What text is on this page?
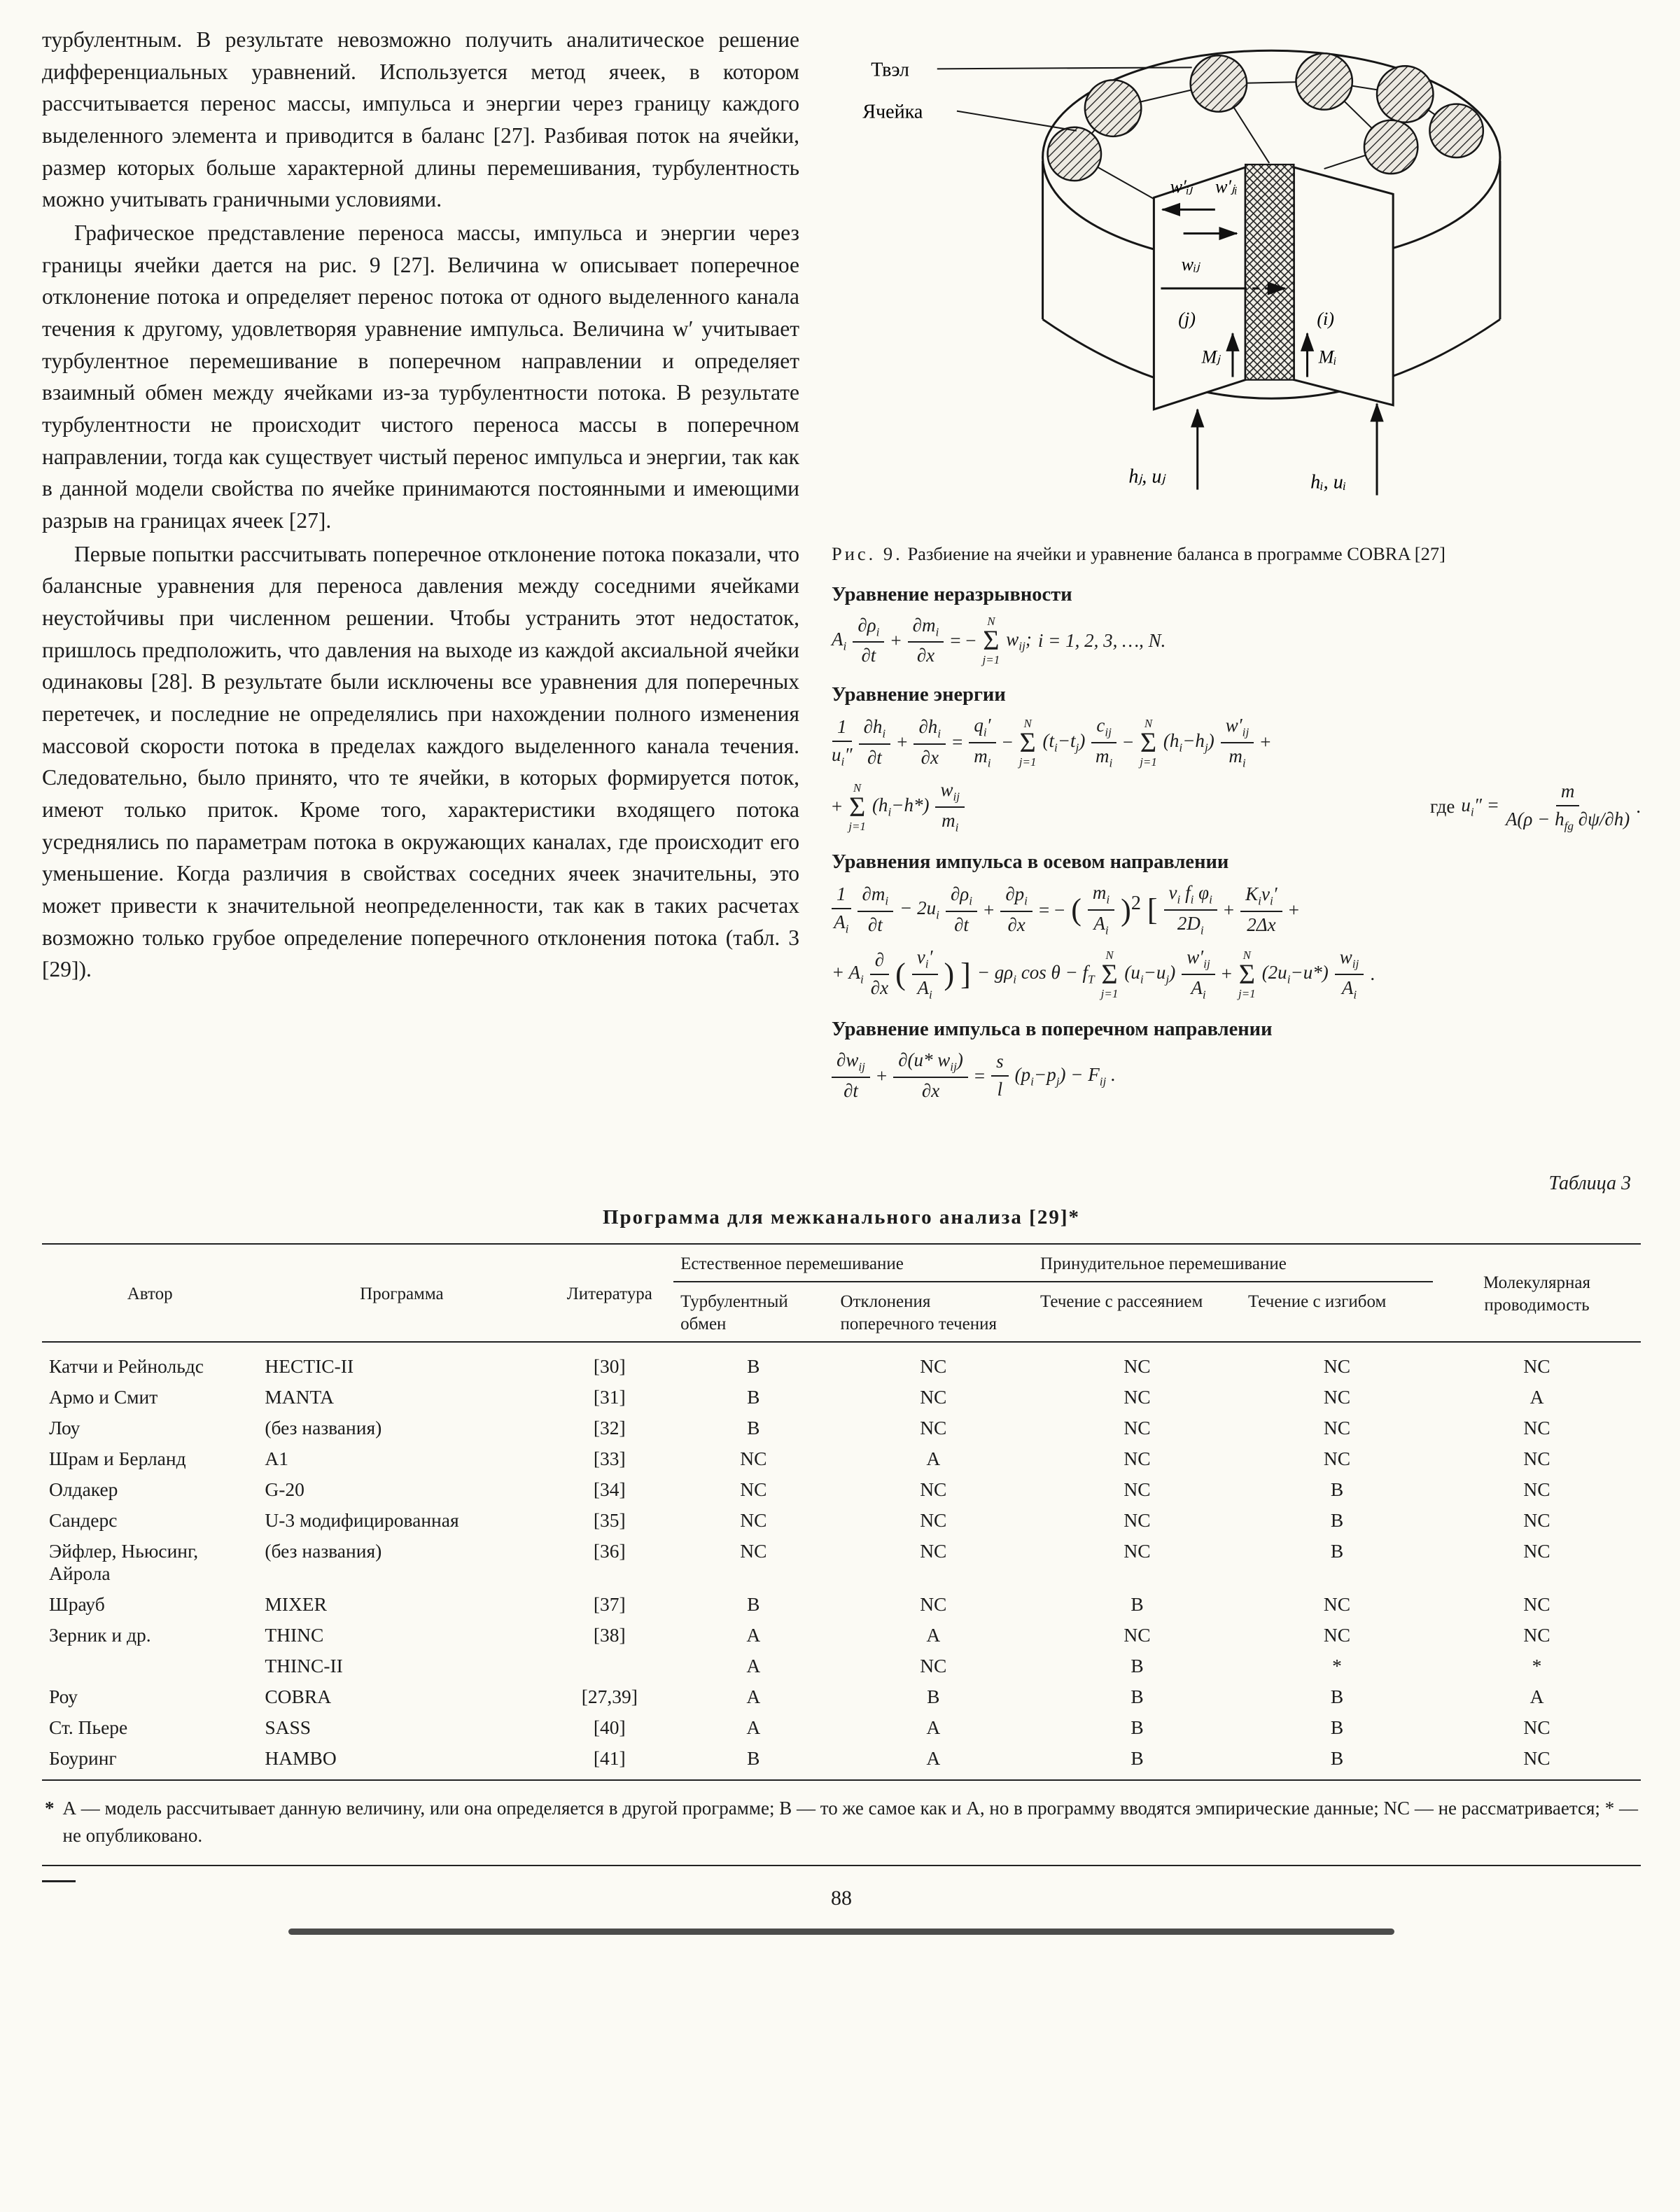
турбулентным. В результате невозможно получить аналитическое решение дифференциальных уравнений. Используется метод ячеек, в котором рассчитывается перенос массы, импульса и энергии через границу каждого выделенного элемента и приводится в баланс [27]. Разбивая поток на ячейки, размер которых больше характерной длины перемешивания, турбулентность можно учитывать граничными условиями.

Графическое представление переноса массы, импульса и энергии через границы ячейки дается на рис. 9 [27]. Величина w описывает поперечное отклонение потока и определяет перенос потока от одного выделенного канала течения к другому, удовлетворяя уравнение импульса. Величина w′ учитывает турбулентное перемешивание в поперечном направлении и определяет взаимный обмен между ячейками из-за турбулентности потока. В результате турбулентности не происходит чистого переноса массы в поперечном направлении, тогда как существует чистый перенос импульса и энергии, так как в данной модели свойства по ячейке принимаются постоянными и имеющими разрыв на границах ячеек [27].

Первые попытки рассчитывать поперечное отклонение потока показали, что балансные уравнения для переноса давления между соседними ячейками неустойчивы при численном решении. Чтобы устранить этот недостаток, пришлось предположить, что давления на выходе из каждой аксиальной ячейки одинаковы [28]. В результате были исключены все уравнения для поперечных перетечек, и последние не определялись при нахождении полного изменения массовой скорости потока в пределах каждого выделенного канала течения. Следовательно, было принято, что те ячейки, в которых формируется поток, имеют только приток. Кроме того, характеристики входящего потока усреднялись по параметрам потока в окружающих каналах, где происходит его уменьшение. Когда различия в свойствах соседних ячеек значительны, это может привести к значительной неопределенности, так как в таких расчетах возможно только грубое определение поперечного отклонения потока (табл. 3 [29]).

w′ᵢⱼ w′ⱼᵢ
wᵢⱼ
(j)	(i)
Mⱼ	Mᵢ
hⱼ, uⱼ	hᵢ, uᵢ
Твэл
Ячейка
Рис. 9. Разбиение на ячейки и уравнение баланса в программе COBRA [27]
Уравнение неразрывности
$A_i \frac{\partial\rho_i}{\partial t} + \frac{\partial m_i}{\partial x}$ = −
N
Σ
j=1
$w_{ij}$; i = 1, 2, 3, …, N.
Уравнение энергии
$\frac{1}{u_i''} \frac{\partial h_i}{\partial t} + \frac{\partial h_i}{\partial x} = \frac{q_i'}{m_i}$ −
N
Σ
j=1
$(t_i-t_j) \frac{c_{ij}}{m_i}$ −
N
Σ
j=1
$(h_i-h_j) \frac{w'_{ij}}{m_i}$ +
+
N
Σ
j=1
$(h_i-h*) \frac{w_{ij}}{m_i}$	где $u_i'' = \frac{m}{A(\rho - h_{fg} \partial\psi/\partial h)}$ .
Уравнения импульса в осевом направлении
$\frac{1}{A_i} \frac{\partial m_i}{\partial t} - 2u_i \frac{\partial\rho_i}{\partial t} + \frac{\partial p_i}{\partial x}$ = − ( $\frac{m_i}{A_i} )^2$ [ $\frac{v_i f_i \varphi_i}{2D_i} + \frac{K_iv_i'}{2\Delta x}$ +
+ $A_i \frac{\partial}{\partial x}$ ( $\frac{v_i'}{A_i}$ ) ] − $g\rho_i$ $\cos \theta - f_T$
N
Σ
j=1
$(u_i-u_j) \frac{w'_{ij}}{A_i}$ +
N
Σ
j=1
$(2u_i-u*) \frac{w_{ij}}{A_i}$ .
Уравнение импульса в поперечном направлении
$\frac{\partial w_{ij}}{\partial t} + \frac{\partial(u* w_{ij})}{\partial x} = \frac{s}{l} (p_i-p_j) - F_{ij}$ .
Таблица 3
Программа для межканального анализа [29]*
Автор	Программа	Литература	Естественное перемешивание		Принудительное перемешивание		Молекулярная проводимость
			Турбулентный обмен	Отклонения поперечного течения	Течение с рассеянием	Течение с изгибом	
Катчи и Рейнольдс	HECTIC-II	[30]	В	NC	NC	NC	NC
Армо и Смит	MANTA	[31]	В	NC	NC	NC	А
Лоу	(без названия)	[32]	В	NC	NC	NC	NC
Шрам и Берланд	А1	[33]	NC	А	NC	NC	NC
Олдакер	G-20	[34]	NC	NC	NC	В	NC
Сандерс	U-3 модифицированная	[35]	NC	NC	NC	В	NC
Эйфлер, Ньюсинг, Айрола	(без названия)	[36]	NC	NC	NC	В	NC
Шрауб	MIXER	[37]	В	NC	В	NC	NC
Зерник и др.	THINC	[38]	А	А	NC	NC	NC
	THINC-II		А	NC	В	*	*
Роу	COBRA	[27,39]	А	В	В	В	А
Ст. Пьере	SASS	[40]	А	А	В	В	NC
Боуринг	HAMBO	[41]	В	А	В	В	NC
* А — модель рассчитывает данную величину, или она определяется в другой программе; В — то же самое как и А, но в программу вводятся эмпирические данные; NC — не рассматривается; * — не опубликовано.
88
